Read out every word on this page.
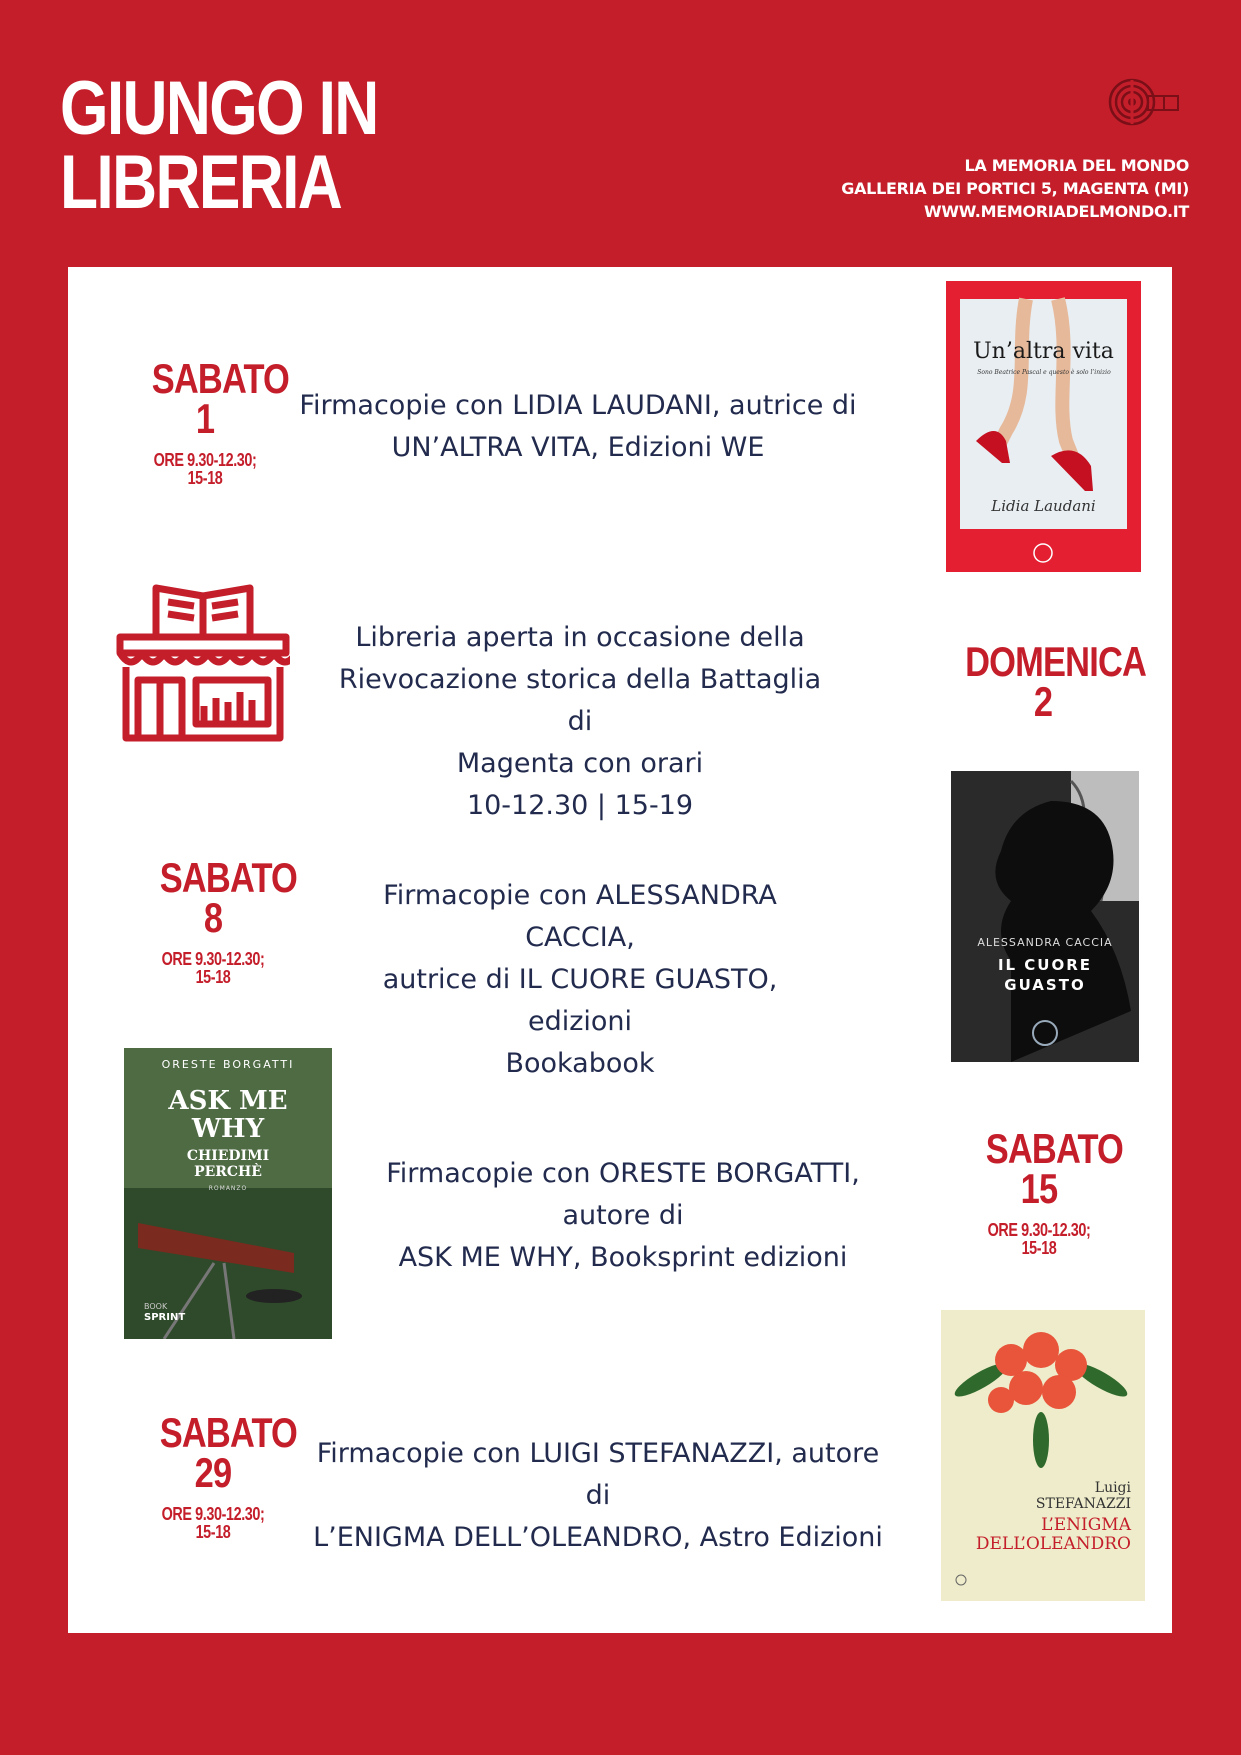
GIUNGO IN
LIBRERIA	LA MEMORIA DEL MONDO
GALLERIA DEI PORTICI 5, MAGENTA (MI)
WWW.MEMORIADELMONDO.IT
SABATO
1
ORE 9.30-12.30;
15-18
Firmacopie con LIDIA LAUDANI, autrice di
UN’ALTRA VITA, Edizioni WE
Un’altra vita
Sono Beatrice Pascal e questo è solo l’inizio
Lidia Laudani
Libreria aperta in occasione della
Rievocazione storica della Battaglia di
Magenta con orari
10-12.30 | 15-19
DOMENICA
2
SABATO
8
ORE 9.30-12.30;
15-18
Firmacopie con ALESSANDRA CACCIA,
autrice di IL CUORE GUASTO, edizioni
Bookabook
ALESSANDRA CACCIA
IL CUORE
GUASTO
ORESTE BORGATTI
ASK ME
WHY
CHIEDIMI
PERCHÈ
ROMANZO
BOOK
SPRINT
Firmacopie con ORESTE BORGATTI, autore di
ASK ME WHY, Booksprint edizioni
SABATO
15
ORE 9.30-12.30;
15-18
SABATO
29
ORE 9.30-12.30;
15-18
Firmacopie con LUIGI STEFANAZZI, autore di
L’ENIGMA DELL’OLEANDRO, Astro Edizioni
Luigi
STEFANAZZI
L’ENIGMA
DELL’OLEANDRO
